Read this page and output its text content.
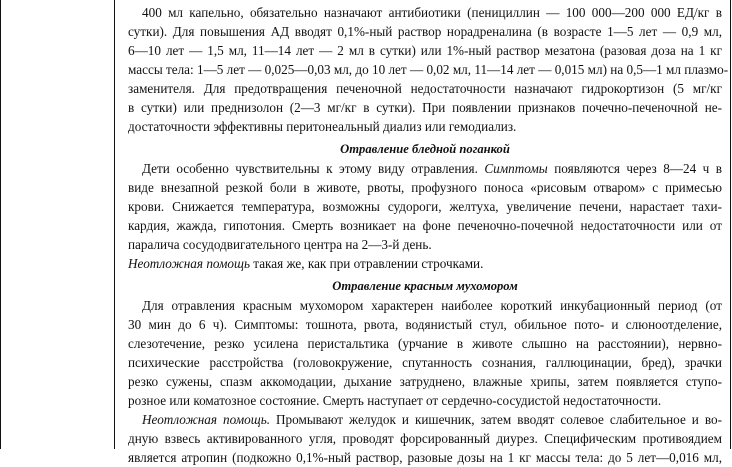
400 мл капельно, обязательно назначают антибиотики (пенициллин — 100 000—200 000 ЕД/кг в
сутки). Для повышения АД вводят 0,1%-ный раствор норадреналина (в возрасте 1—5 лет — 0,9 мл,
6—10 лет — 1,5 мл, 11—14 лет — 2 мл в сутки) или 1%-ный раствор мезатона (разовая доза на 1 кг
массы тела: 1—5 лет — 0,025—0,03 мл, до 10 лет — 0,02 мл, 11—14 лет — 0,015 мл) на 0,5—1 мл плазмо-
заменителя. Для предотвращения печеночной недостаточности назначают гидрокортизон (5 мг/кг
в сутки) или преднизолон (2—3 мг/кг в сутки). При появлении признаков почечно-печеночной не-
достаточности эффективны перитонеальный диализ или гемодиализ.
Отравление бледной поганкой
Дети особенно чувствительны к этому виду отравления. Симптомы появляются через 8—24 ч в
виде внезапной резкой боли в животе, рвоты, профузного поноса «рисовым отваром» с примесью
крови. Снижается температура, возможны судороги, желтуха, увеличение печени, нарастает тахи-
кардия, жажда, гипотония. Смерть возникает на фоне печеночно-почечной недостаточности или от
паралича сосудодвигательного центра на 2—3-й день.
Неотложная помощь такая же, как при отравлении строчками.
Отравление красным мухомором
Для отравления красным мухомором характерен наиболее короткий инкубационный период (от
30 мин до 6 ч). Симптомы: тошнота, рвота, водянистый стул, обильное пото- и слюноотделение,
слезотечение, резко усилена перистальтика (урчание в животе слышно на расстоянии), нервно-
психические расстройства (головокружение, спутанность сознания, галлюцинации, бред), зрачки
резко сужены, спазм аккомодации, дыхание затруднено, влажные хрипы, затем появляется ступо-
розное или коматозное состояние. Смерть наступает от сердечно-сосудистой недостаточности.
Неотложная помощь. Промывают желудок и кишечник, затем вводят солевое слабительное и во-
дную взвесь активированного угля, проводят форсированный диурез. Специфическим противоядием
является атропин (подкожно 0,1%-ный раствор, разовые дозы на 1 кг массы тела: до 5 лет—0,016 мл,
